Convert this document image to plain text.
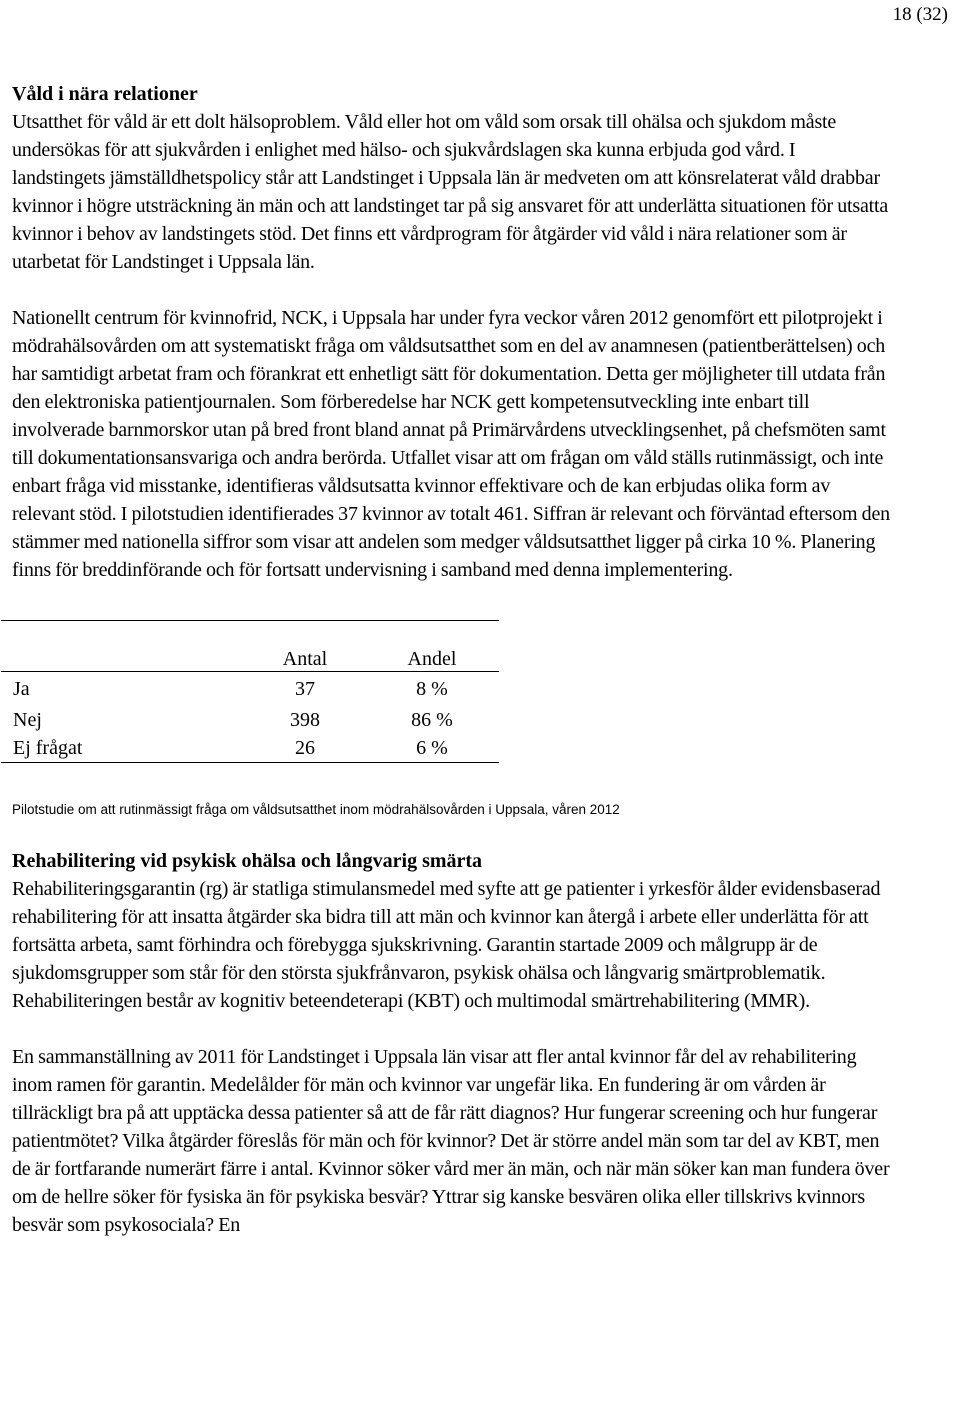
18 (32)
Våld i nära relationer

Utsatthet för våld är ett dolt hälsoproblem. Våld eller hot om våld som orsak till ohälsa och sjukdom måste undersökas för att sjukvården i enlighet med hälso- och sjukvårdslagen ska kunna erbjuda god vård. I landstingets jämställdhetspolicy står att Landstinget i Uppsala län är medveten om att könsrelaterat våld drabbar kvinnor i högre utsträckning än män och att landstinget tar på sig ansvaret för att underlätta situationen för utsatta kvinnor i behov av landstingets stöd. Det finns ett vårdprogram för åtgärder vid våld i nära relationer som är utarbetat för Landstinget i Uppsala län.

Nationellt centrum för kvinnofrid, NCK, i Uppsala har under fyra veckor våren 2012 genomfört ett pilotprojekt i mödrahälsovården om att systematiskt fråga om våldsutsatthet som en del av anamnesen (patientberättelsen) och har samtidigt arbetat fram och förankrat ett enhetligt sätt för dokumentation. Detta ger möjligheter till utdata från den elektroniska patientjournalen. Som förberedelse har NCK gett kompetensutveckling inte enbart till involverade barnmorskor utan på bred front bland annat på Primärvårdens utvecklingsenhet, på chefsmöten samt till dokumentationsansvariga och andra berörda. Utfallet visar att om frågan om våld ställs rutinmässigt, och inte enbart fråga vid misstanke, identifieras våldsutsatta kvinnor effektivare och de kan erbjudas olika form av relevant stöd. I pilotstudien identifierades 37 kvinnor av totalt 461. Siffran är relevant och förväntad eftersom den stämmer med nationella siffror som visar att andelen som medger våldsutsatthet ligger på cirka 10 %. Planering finns för breddinförande och för fortsatt undervisning i samband med denna implementering.

	Antal	Andel
Ja	37	8 %
Nej	398	86 %
Ej frågat	26	6 %

Pilotstudie om att rutinmässigt fråga om våldsutsatthet inom mödrahälsovården i Uppsala, våren 2012

Rehabilitering vid psykisk ohälsa och långvarig smärta

Rehabiliteringsgarantin (rg) är statliga stimulansmedel med syfte att ge patienter i yrkesför ålder evidensbaserad rehabilitering för att insatta åtgärder ska bidra till att män och kvinnor kan återgå i arbete eller underlätta för att fortsätta arbeta, samt förhindra och förebygga sjukskrivning. Garantin startade 2009 och målgrupp är de sjukdomsgrupper som står för den största sjukfrånvaron, psykisk ohälsa och långvarig smärtproblematik. Rehabiliteringen består av kognitiv beteendeterapi (KBT) och multimodal smärtrehabilitering (MMR).

En sammanställning av 2011 för Landstinget i Uppsala län visar att fler antal kvinnor får del av rehabilitering inom ramen för garantin. Medelålder för män och kvinnor var ungefär lika. En fundering är om vården är tillräckligt bra på att upptäcka dessa patienter så att de får rätt diagnos? Hur fungerar screening och hur fungerar patientmötet? Vilka åtgärder föreslås för män och för kvinnor? Det är större andel män som tar del av KBT, men de är fortfarande numerärt färre i antal. Kvinnor söker vård mer än män, och när män söker kan man fundera över om de hellre söker för fysiska än för psykiska besvär? Yttrar sig kanske besvären olika eller tillskrivs kvinnors besvär som psykosociala? En
